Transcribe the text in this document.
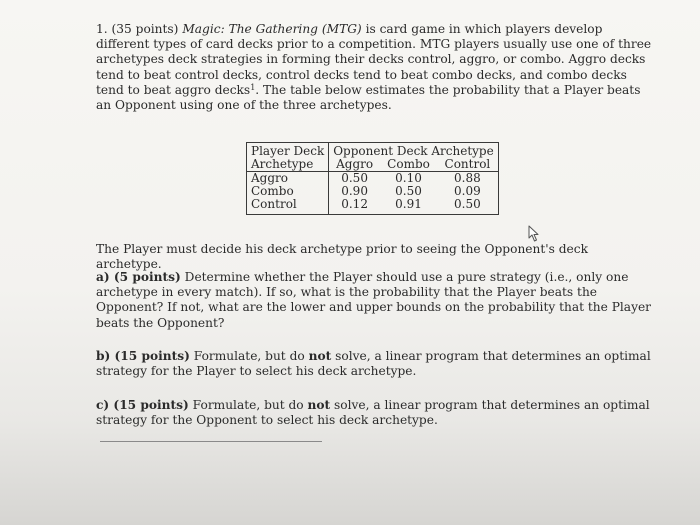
1. (35 points) Magic: The Gathering (MTG) is card game in which players develop different types of card decks prior to a competition. MTG players usually use one of three archetypes deck strategies in forming their decks control, aggro, or combo. Aggro decks tend to beat control decks, control decks tend to beat combo decks, and combo decks tend to beat aggro decks$^1$. The table below estimates the probability that a Player beats an Opponent using one of the three archetypes.

Player Deck	Opponent Deck Archetype		
Archetype	Aggro	Combo	Control
Aggro	0.50	0.10	0.88
Combo	0.90	0.50	0.09
Control	0.12	0.91	0.50

The Player must decide his deck archetype prior to seeing the Opponent's deck archetype.

a) (5 points) Determine whether the Player should use a pure strategy (i.e., only one archetype in every match). If so, what is the probability that the Player beats the Opponent? If not, what are the lower and upper bounds on the probability that the Player beats the Opponent?

b) (15 points) Formulate, but do not solve, a linear program that determines an optimal strategy for the Player to select his deck archetype.

c) (15 points) Formulate, but do not solve, a linear program that determines an optimal strategy for the Opponent to select his deck archetype.
